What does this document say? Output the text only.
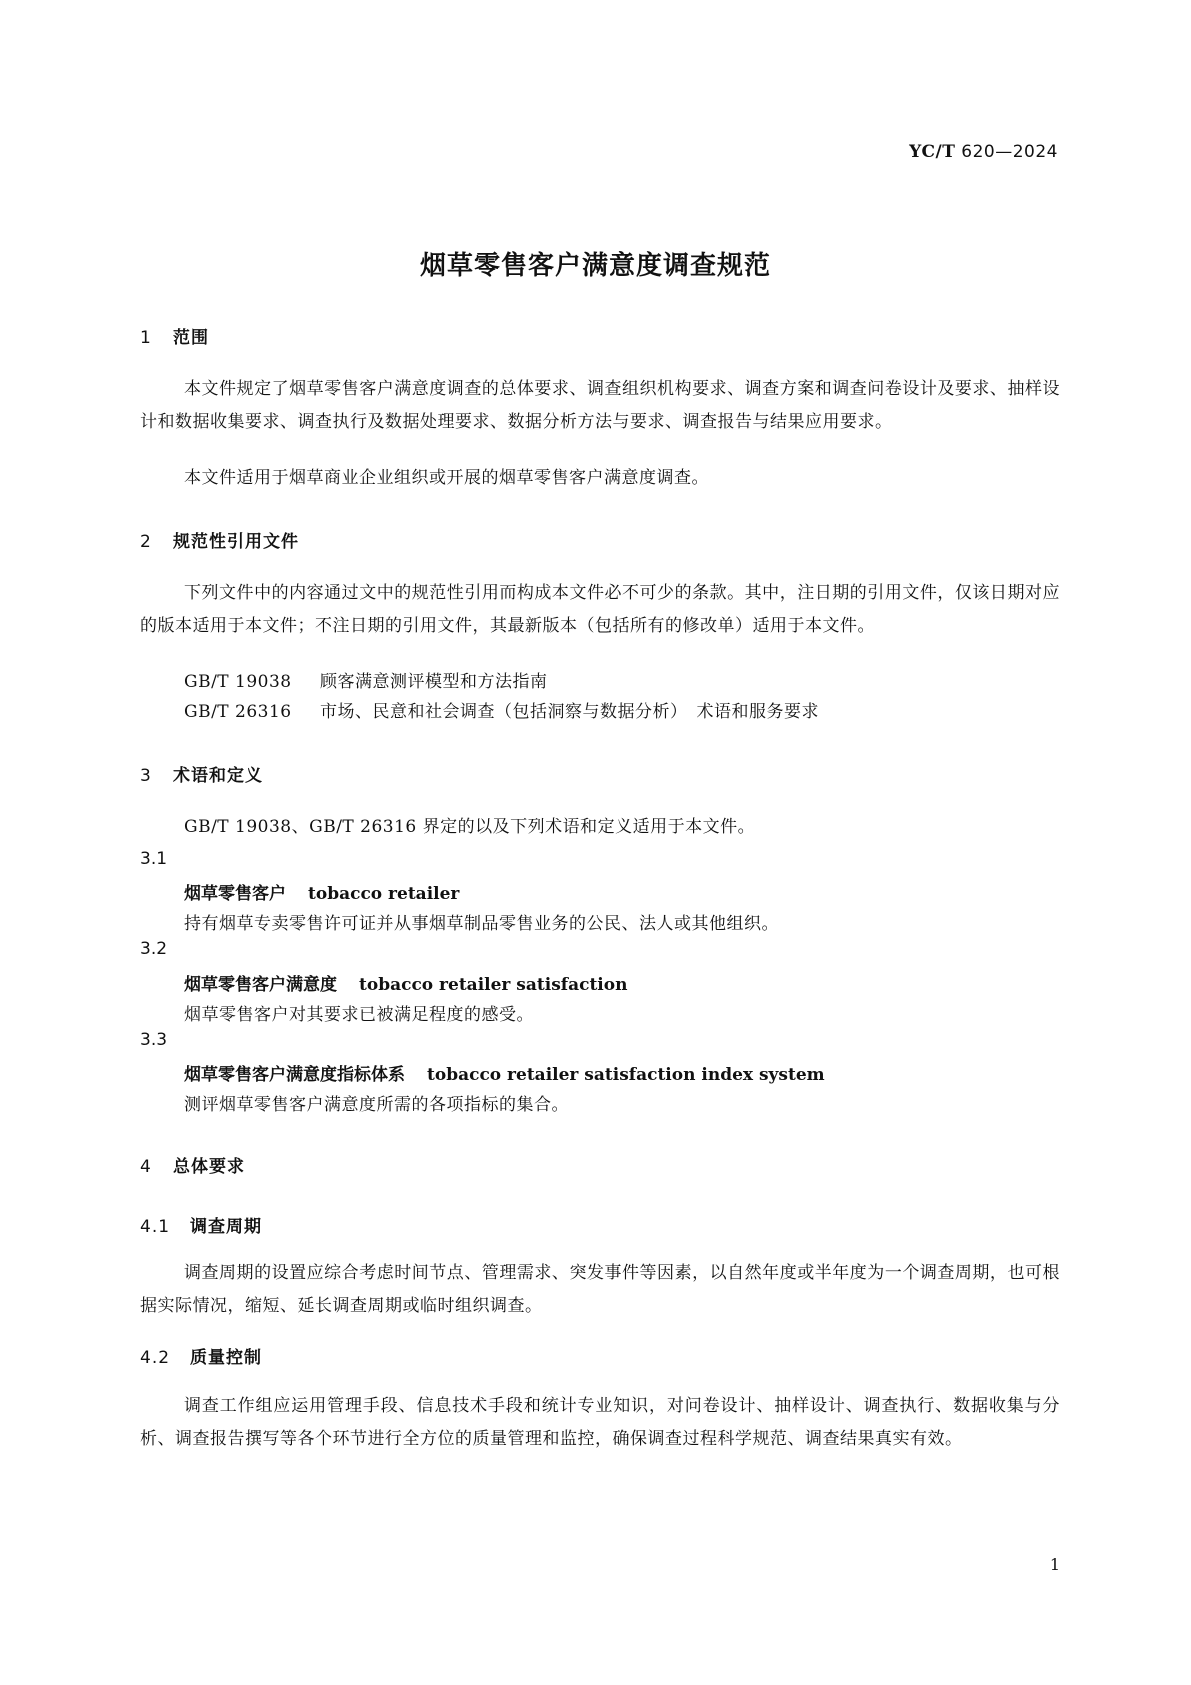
YC/T 620—2024
烟草零售客户满意度调查规范
1 范围
本文件规定了烟草零售客户满意度调查的总体要求、调查组织机构要求、调查方案和调查问卷设计及要求、抽样设计和数据收集要求、调查执行及数据处理要求、数据分析方法与要求、调查报告与结果应用要求。
本文件适用于烟草商业企业组织或开展的烟草零售客户满意度调查。
2 规范性引用文件
下列文件中的内容通过文中的规范性引用而构成本文件必不可少的条款。其中，注日期的引用文件，仅该日期对应的版本适用于本文件；不注日期的引用文件，其最新版本（包括所有的修改单）适用于本文件。
GB/T 19038 顾客满意测评模型和方法指南
GB/T 26316 市场、民意和社会调查（包括洞察与数据分析）　术语和服务要求
3 术语和定义
GB/T 19038、GB/T 26316 界定的以及下列术语和定义适用于本文件。
3.1
烟草零售客户 tobacco retailer
持有烟草专卖零售许可证并从事烟草制品零售业务的公民、法人或其他组织。
3.2
烟草零售客户满意度 tobacco retailer satisfaction
烟草零售客户对其要求已被满足程度的感受。
3.3
烟草零售客户满意度指标体系 tobacco retailer satisfaction index system
测评烟草零售客户满意度所需的各项指标的集合。
4 总体要求
4.1 调查周期
调查周期的设置应综合考虑时间节点、管理需求、突发事件等因素，以自然年度或半年度为一个调查周期，也可根据实际情况，缩短、延长调查周期或临时组织调查。
4.2 质量控制
调查工作组应运用管理手段、信息技术手段和统计专业知识，对问卷设计、抽样设计、调查执行、数据收集与分析、调查报告撰写等各个环节进行全方位的质量管理和监控，确保调查过程科学规范、调查结果真实有效。
1
